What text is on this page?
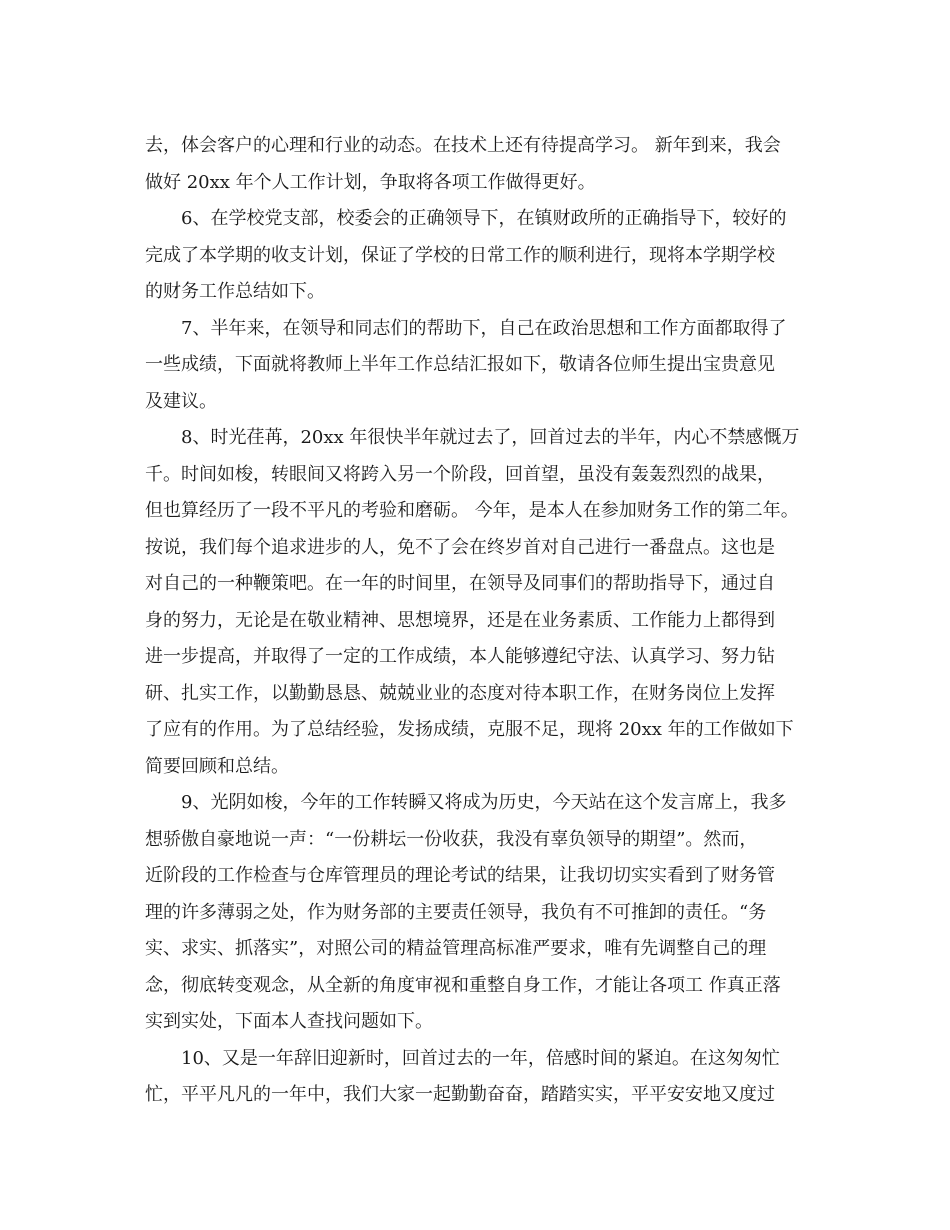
去，体会客户的心理和行业的动态。在技术上还有待提高学习。 新年到来，我会
做好 20xx 年个人工作计划，争取将各项工作做得更好。
6、在学校党支部，校委会的正确领导下，在镇财政所的正确指导下，较好的
完成了本学期的收支计划，保证了学校的日常工作的顺利进行，现将本学期学校
的财务工作总结如下。
7、半年来，在领导和同志们的帮助下，自己在政治思想和工作方面都取得了
一些成绩，下面就将教师上半年工作总结汇报如下，敬请各位师生提出宝贵意见
及建议。
8、时光荏苒，20xx 年很快半年就过去了，回首过去的半年，内心不禁感慨万
千。时间如梭，转眼间又将跨入另一个阶段，回首望，虽没有轰轰烈烈的战果，
但也算经历了一段不平凡的考验和磨砺。 今年，是本人在参加财务工作的第二年。
按说，我们每个追求进步的人，免不了会在终岁首对自己进行一番盘点。这也是
对自己的一种鞭策吧。在一年的时间里，在领导及同事们的帮助指导下，通过自
身的努力，无论是在敬业精神、思想境界，还是在业务素质、工作能力上都得到
进一步提高，并取得了一定的工作成绩，本人能够遵纪守法、认真学习、努力钻
研、扎实工作，以勤勤恳恳、兢兢业业的态度对待本职工作，在财务岗位上发挥
了应有的作用。为了总结经验，发扬成绩，克服不足，现将 20xx 年的工作做如下
简要回顾和总结。
9、光阴如梭，今年的工作转瞬又将成为历史，今天站在这个发言席上，我多
想骄傲自豪地说一声：“一份耕坛一份收获，我没有辜负领导的期望”。然而，
近阶段的工作检查与仓库管理员的理论考试的结果，让我切切实实看到了财务管
理的许多薄弱之处，作为财务部的主要责任领导，我负有不可推卸的责任。“务
实、求实、抓落实”，对照公司的精益管理高标准严要求，唯有先调整自己的理
念，彻底转变观念，从全新的角度审视和重整自身工作，才能让各项工 作真正落
实到实处，下面本人查找问题如下。
10、又是一年辞旧迎新时，回首过去的一年，倍感时间的紧迫。在这匆匆忙
忙，平平凡凡的一年中，我们大家一起勤勤奋奋，踏踏实实，平平安安地又度过
